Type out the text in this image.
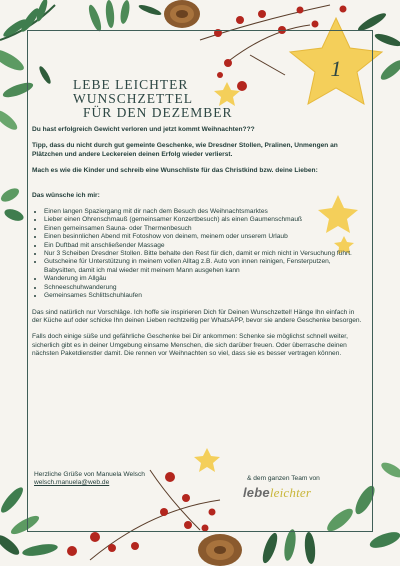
1
LEBE LEICHTER
WUNSCHZETTEL
FÜR DEN DEZEMBER

Du hast erfolgreich Gewicht verloren und jetzt kommt Weihnachten???

Tipp, dass du nicht durch gut gemeinte Geschenke, wie Dresdner Stollen, Pralinen, Unmengen an Plätzchen und andere Leckereien deinen Erfolg wieder verlierst.

Mach es wie die Kinder und schreib eine Wunschliste für das Christkind bzw. deine Lieben:

Das wünsche ich mir:

• Einen langen Spaziergang mit dir nach dem Besuch des Weihnachtsmarktes
• Lieber einen Ohrenschmauß (gemeinsamer Konzertbesuch) als einen Gaumenschmauß
• Einen gemeinsamen Sauna- oder Thermenbesuch
• Einen besinnlichen Abend mit Fotoshow von deinem, meinem oder unserem Urlaub
• Ein Duftbad mit anschließender Massage
• Nur 3 Scheiben Dresdner Stollen. Bitte behalte den Rest für dich, damit er mich nicht in Versuchung führt.
• Gutscheine für Unterstützung in meinem vollen Alltag z.B. Auto von innen reinigen, Fensterputzen, Babysitten, damit ich mal wieder mit meinem Mann ausgehen kann
• Wanderung im Allgäu
• Schneeschuhwanderung
• Gemeinsames Schlittschuhlaufen

Das sind natürlich nur Vorschläge. Ich hoffe sie inspirieren Dich für Deinen Wunschzettel! Hänge Ihn einfach in der Küche auf oder schicke Ihn deinen Lieben rechtzeitig per WhatsAPP, bevor sie andere Geschenke besorgen.

Falls doch einige süße und gefährliche Geschenke bei Dir ankommen: Schenke sie möglichst schnell weiter, sicherlich gibt es in deiner Umgebung einsame Menschen, die sich darüber freuen. Oder überrasche deinen nächsten Paketdienstler damit. Die rennen vor Weihnachten so viel, dass sie es besser vertragen können.

Herzliche Grüße von Manuela Welsch
welsch.manuela@web.de
& dem ganzen Team von
lebeleichter
